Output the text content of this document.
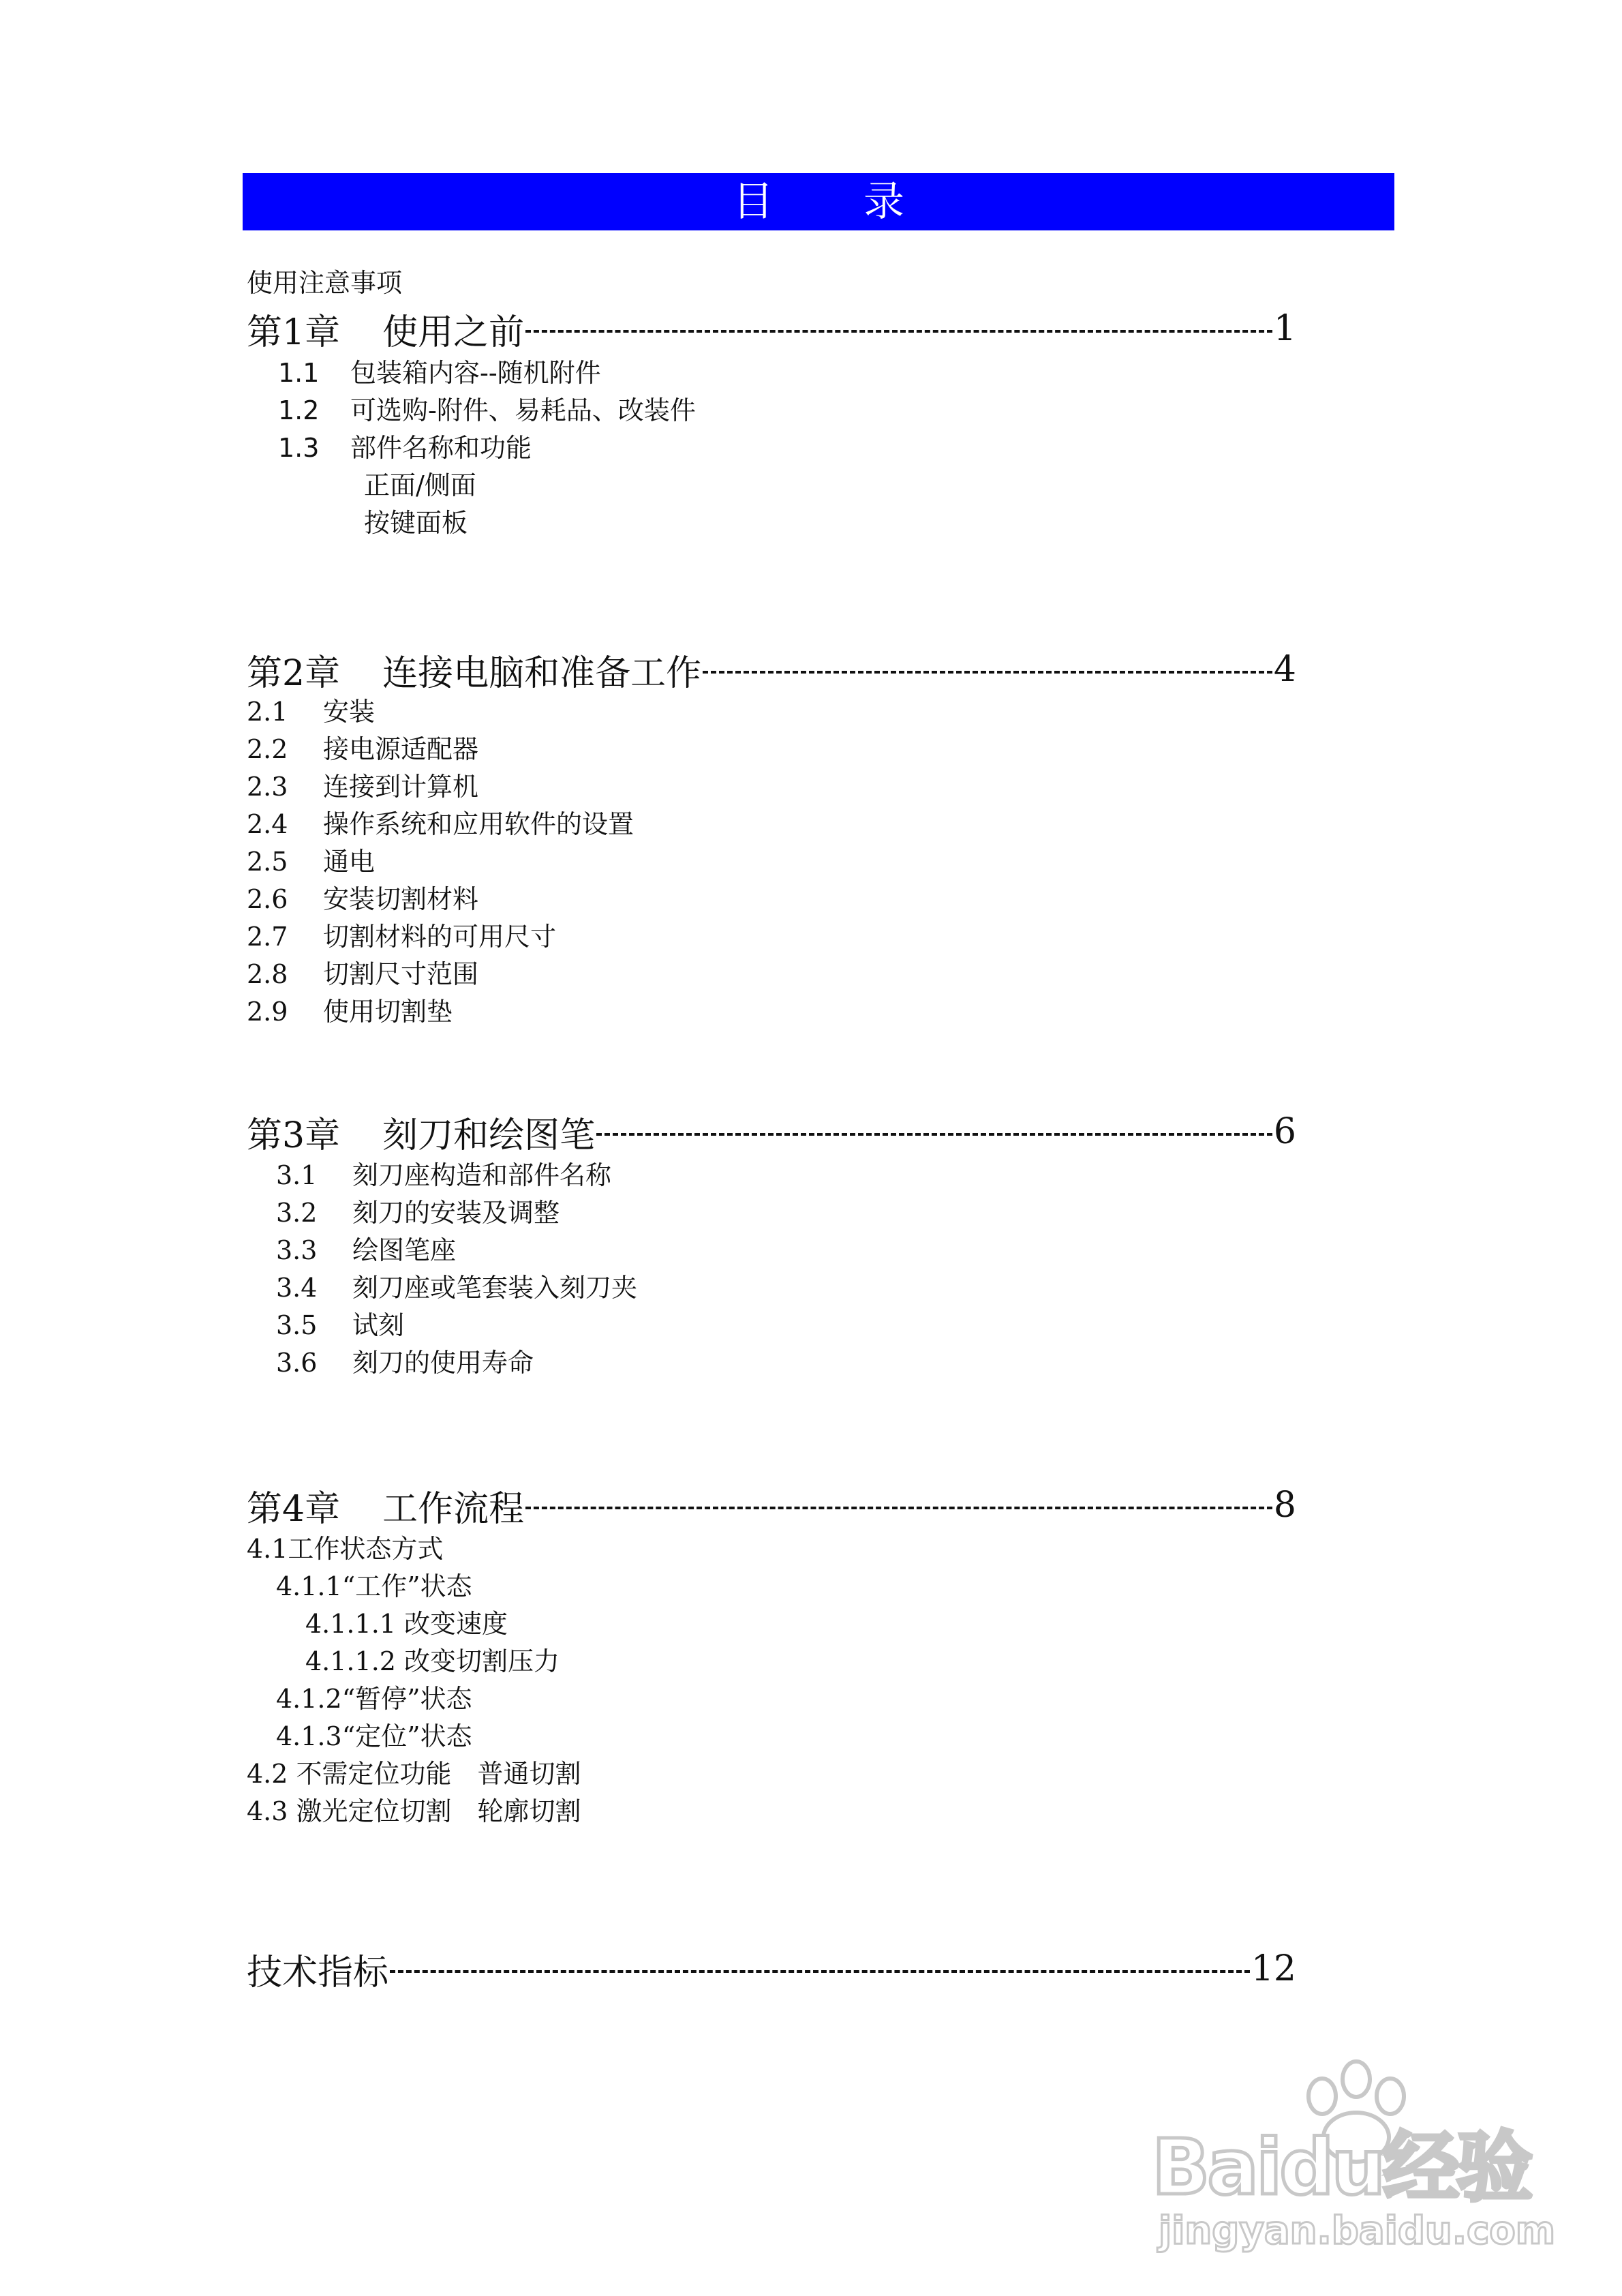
目录
使用注意事项
第1章 使用之前	1
1.1 包装箱内容--随机附件
1.2 可选购-附件、易耗品、改装件
1.3 部件名称和功能
正面/侧面
按键面板
第2章 连接电脑和准备工作	4
2.1 安装
2.2 接电源适配器
2.3 连接到计算机
2.4 操作系统和应用软件的设置
2.5 通电
2.6 安装切割材料
2.7 切割材料的可用尺寸
2.8 切割尺寸范围
2.9 使用切割垫
第3章 刻刀和绘图笔	6
3.1 刻刀座构造和部件名称
3.2 刻刀的安装及调整
3.3 绘图笔座
3.4 刻刀座或笔套装入刻刀夹
3.5 试刻
3.6 刻刀的使用寿命
第4章 工作流程	8
4.1工作状态方式
4.1.1“工作”状态
4.1.1.1 改变速度
4.1.1.2 改变切割压力
4.1.2“暂停”状态
4.1.3“定位”状态
4.2 不需定位功能　普通切割
4.3 激光定位切割　轮廓切割
技术指标	12
Baidu经验
jingyan.baidu.com
